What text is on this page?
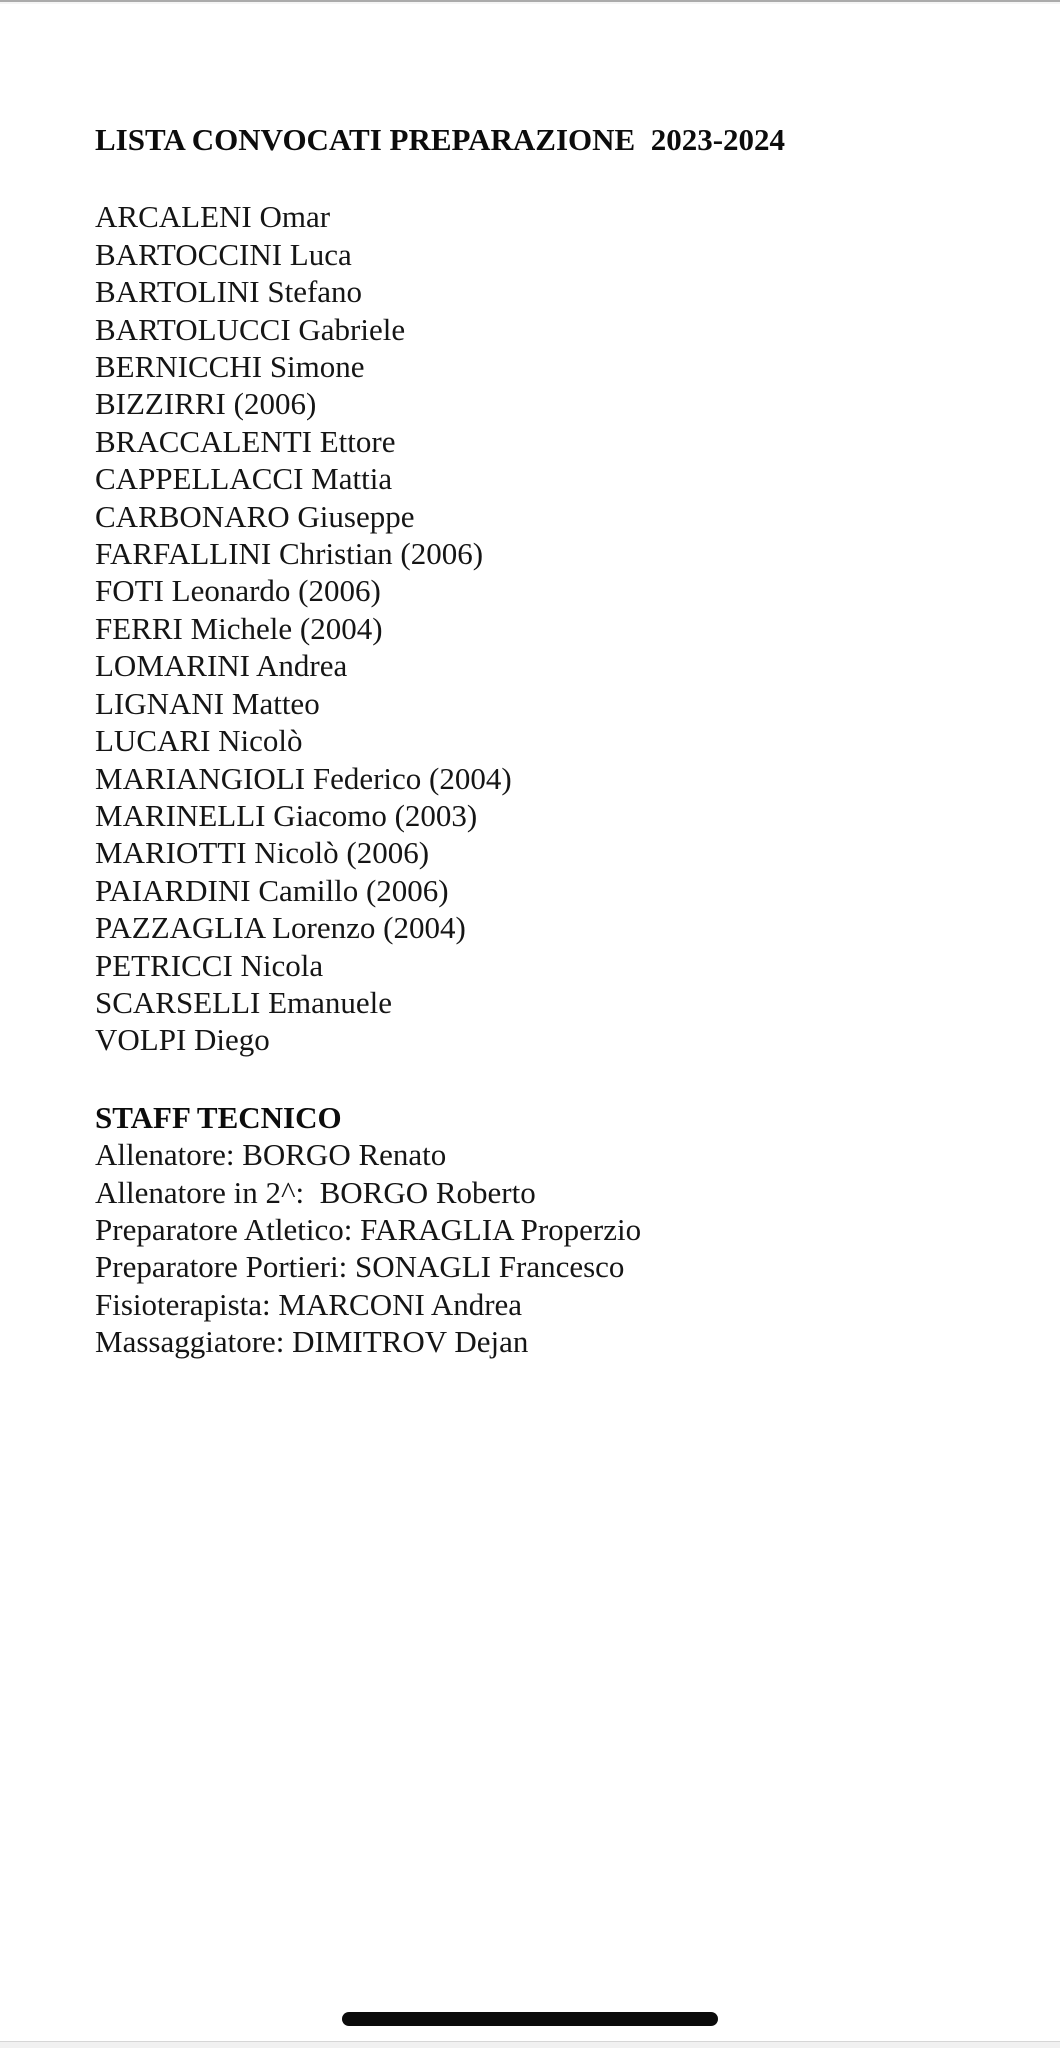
LISTA CONVOCATI PREPARAZIONE  2023-2024
ARCALENI Omar
BARTOCCINI Luca
BARTOLINI Stefano
BARTOLUCCI Gabriele
BERNICCHI Simone
BIZZIRRI (2006)
BRACCALENTI Ettore
CAPPELLACCI Mattia
CARBONARO Giuseppe
FARFALLINI Christian (2006)
FOTI Leonardo (2006)
FERRI Michele (2004)
LOMARINI Andrea
LIGNANI Matteo
LUCARI Nicolò
MARIANGIOLI Federico (2004)
MARINELLI Giacomo (2003)
MARIOTTI Nicolò (2006)
PAIARDINI Camillo (2006)
PAZZAGLIA Lorenzo (2004)
PETRICCI Nicola
SCARSELLI Emanuele
VOLPI Diego
STAFF TECNICO
Allenatore: BORGO Renato
Allenatore in 2^:  BORGO Roberto
Preparatore Atletico: FARAGLIA Properzio
Preparatore Portieri: SONAGLI Francesco
Fisioterapista: MARCONI Andrea
Massaggiatore: DIMITROV Dejan
